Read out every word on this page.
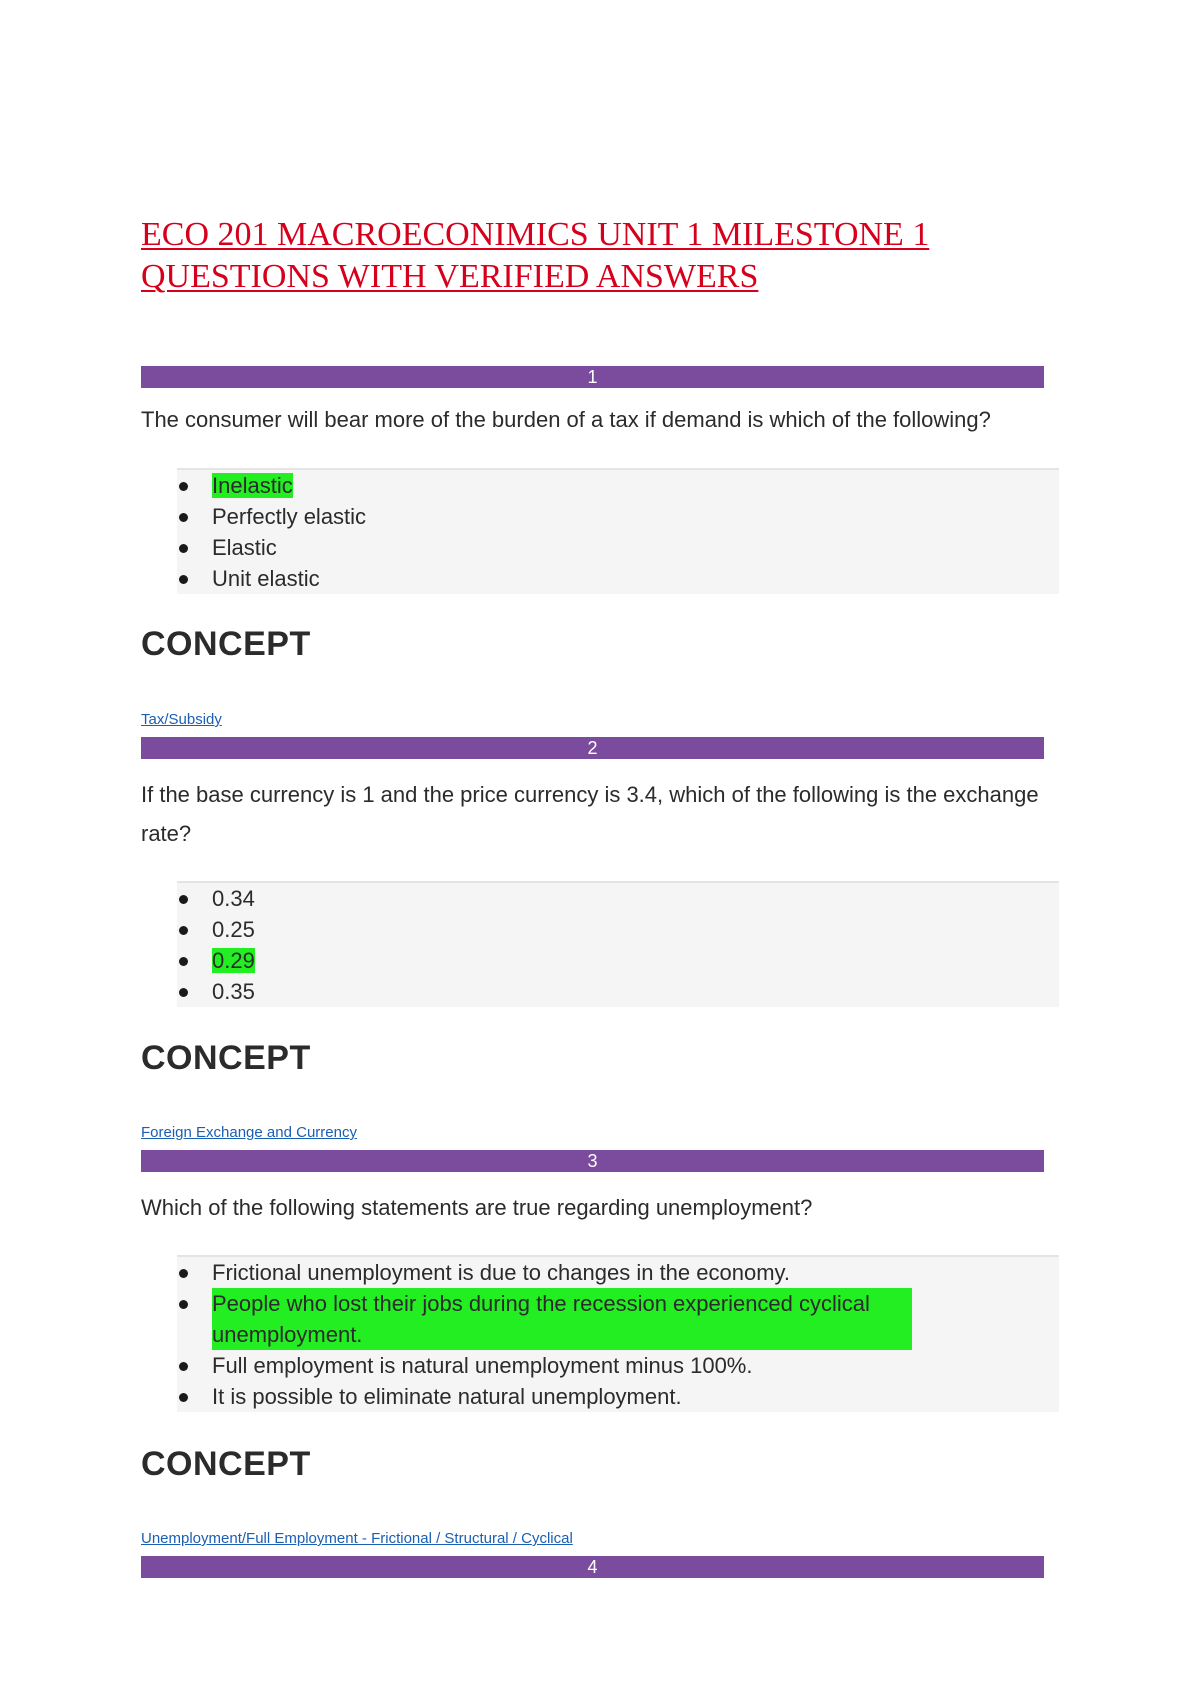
ECO 201 MACROECONIMICS UNIT 1 MILESTONE 1
QUESTIONS WITH VERIFIED ANSWERS
1

The consumer will bear more of the burden of a tax if demand is which of the following?

Inelastic
Perfectly elastic
Elastic
Unit elastic
CONCEPT
Tax/Subsidy
2

If the base currency is 1 and the price currency is 3.4, which of the following is the exchange rate?

0.34
0.25
0.29
0.35
CONCEPT
Foreign Exchange and Currency
3

Which of the following statements are true regarding unemployment?

Frictional unemployment is due to changes in the economy.
People who lost their jobs during the recession experienced cyclical unemployment.
Full employment is natural unemployment minus 100%.
It is possible to eliminate natural unemployment.
CONCEPT
Unemployment/Full Employment - Frictional / Structural / Cyclical
4
